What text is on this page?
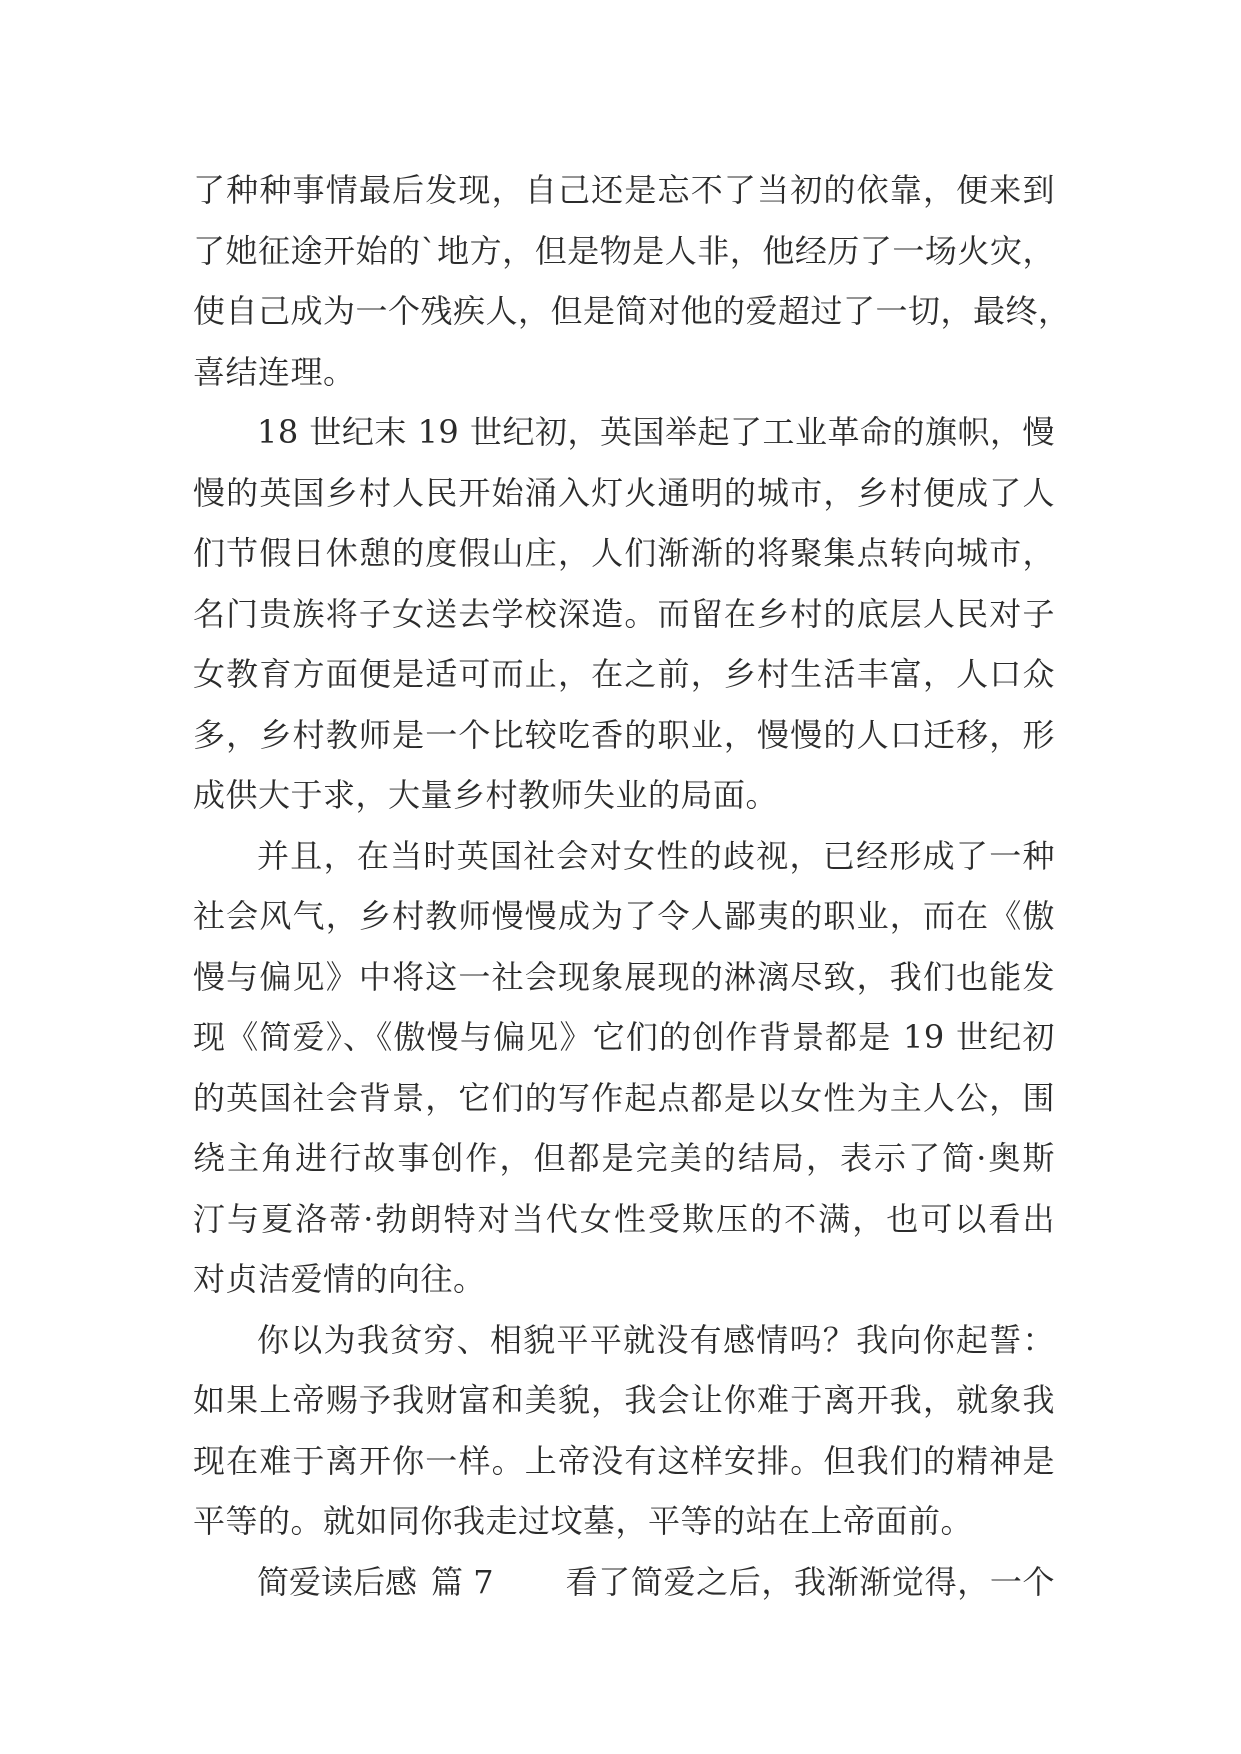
了种种事情最后发现，自己还是忘不了当初的依靠，便来到
了她征途开始的`地方，但是物是人非，他经历了一场火灾，
使自己成为一个残疾人，但是简对他的爱超过了一切，最终，
喜结连理。
18 世纪末 19 世纪初，英国举起了工业革命的旗帜，慢
慢的英国乡村人民开始涌入灯火通明的城市，乡村便成了人
们节假日休憩的度假山庄，人们渐渐的将聚集点转向城市，
名门贵族将子女送去学校深造。而留在乡村的底层人民对子
女教育方面便是适可而止，在之前，乡村生活丰富，人口众
多，乡村教师是一个比较吃香的职业，慢慢的人口迁移，形
成供大于求，大量乡村教师失业的局面。
并且，在当时英国社会对女性的歧视，已经形成了一种
社会风气，乡村教师慢慢成为了令人鄙夷的职业，而在《傲
慢与偏见》中将这一社会现象展现的淋漓尽致，我们也能发
现《简爱》、《傲慢与偏见》它们的创作背景都是 19 世纪初
的英国社会背景，它们的写作起点都是以女性为主人公，围
绕主角进行故事创作，但都是完美的结局，表示了简·奥斯
汀与夏洛蒂·勃朗特对当代女性受欺压的不满，也可以看出
对贞洁爱情的向往。
你以为我贫穷、相貌平平就没有感情吗？我向你起誓：
如果上帝赐予我财富和美貌，我会让你难于离开我，就象我
现在难于离开你一样。上帝没有这样安排。但我们的精神是
平等的。就如同你我走过坟墓，平等的站在上帝面前。
简爱读后感 篇 7 看了简爱之后，我渐渐觉得，一个
